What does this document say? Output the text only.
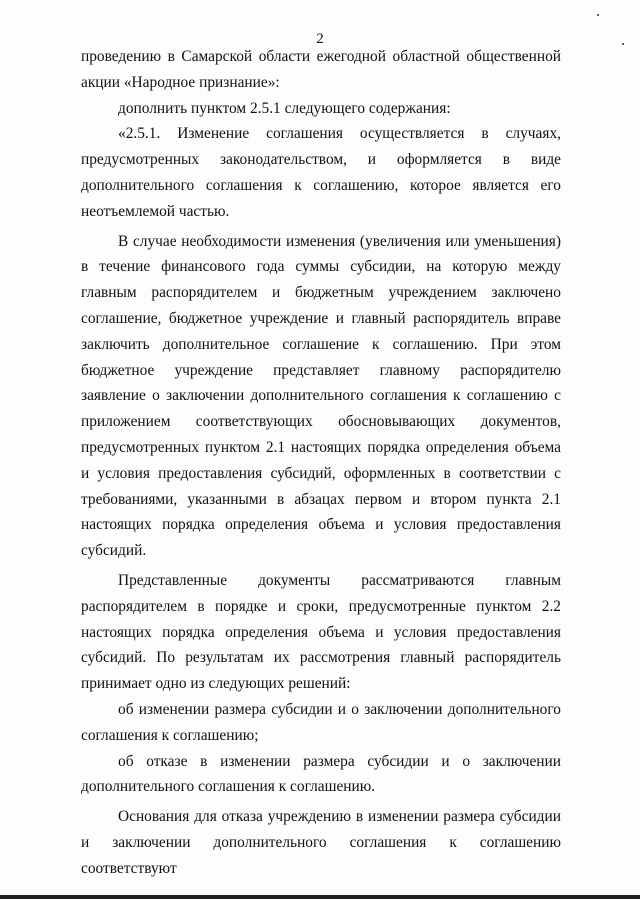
2

проведению в Самарской области ежегодной областной общественной акции «Народное признание»:

дополнить пунктом 2.5.1 следующего содержания:

«2.5.1. Изменение соглашения осуществляется в случаях, предусмотренных законодательством, и оформляется в виде дополнительного соглашения к соглашению, которое является его неотъемлемой частью.

В случае необходимости изменения (увеличения или уменьшения) в течение финансового года суммы субсидии, на которую между главным распорядителем и бюджетным учреждением заключено соглашение, бюджетное учреждение и главный распорядитель вправе заключить дополнительное соглашение к соглашению. При этом бюджетное учреждение представляет главному распорядителю заявление о заключении дополнительного соглашения к соглашению с приложением соответствующих обосновывающих документов, предусмотренных пунктом 2.1 настоящих порядка определения объема и условия предоставления субсидий, оформленных в соответствии с требованиями, указанными в абзацах первом и втором пункта 2.1 настоящих порядка определения объема и условия предоставления субсидий.

Представленные документы рассматриваются главным распорядителем в порядке и сроки, предусмотренные пунктом 2.2 настоящих порядка определения объема и условия предоставления субсидий. По результатам их рассмотрения главный распорядитель принимает одно из следующих решений:

об изменении размера субсидии и о заключении дополнительного соглашения к соглашению;

об отказе в изменении размера субсидии и о заключении дополнительного соглашения к соглашению.

Основания для отказа учреждению в изменении размера субсидии и заключении дополнительного соглашения к соглашению соответствуют
